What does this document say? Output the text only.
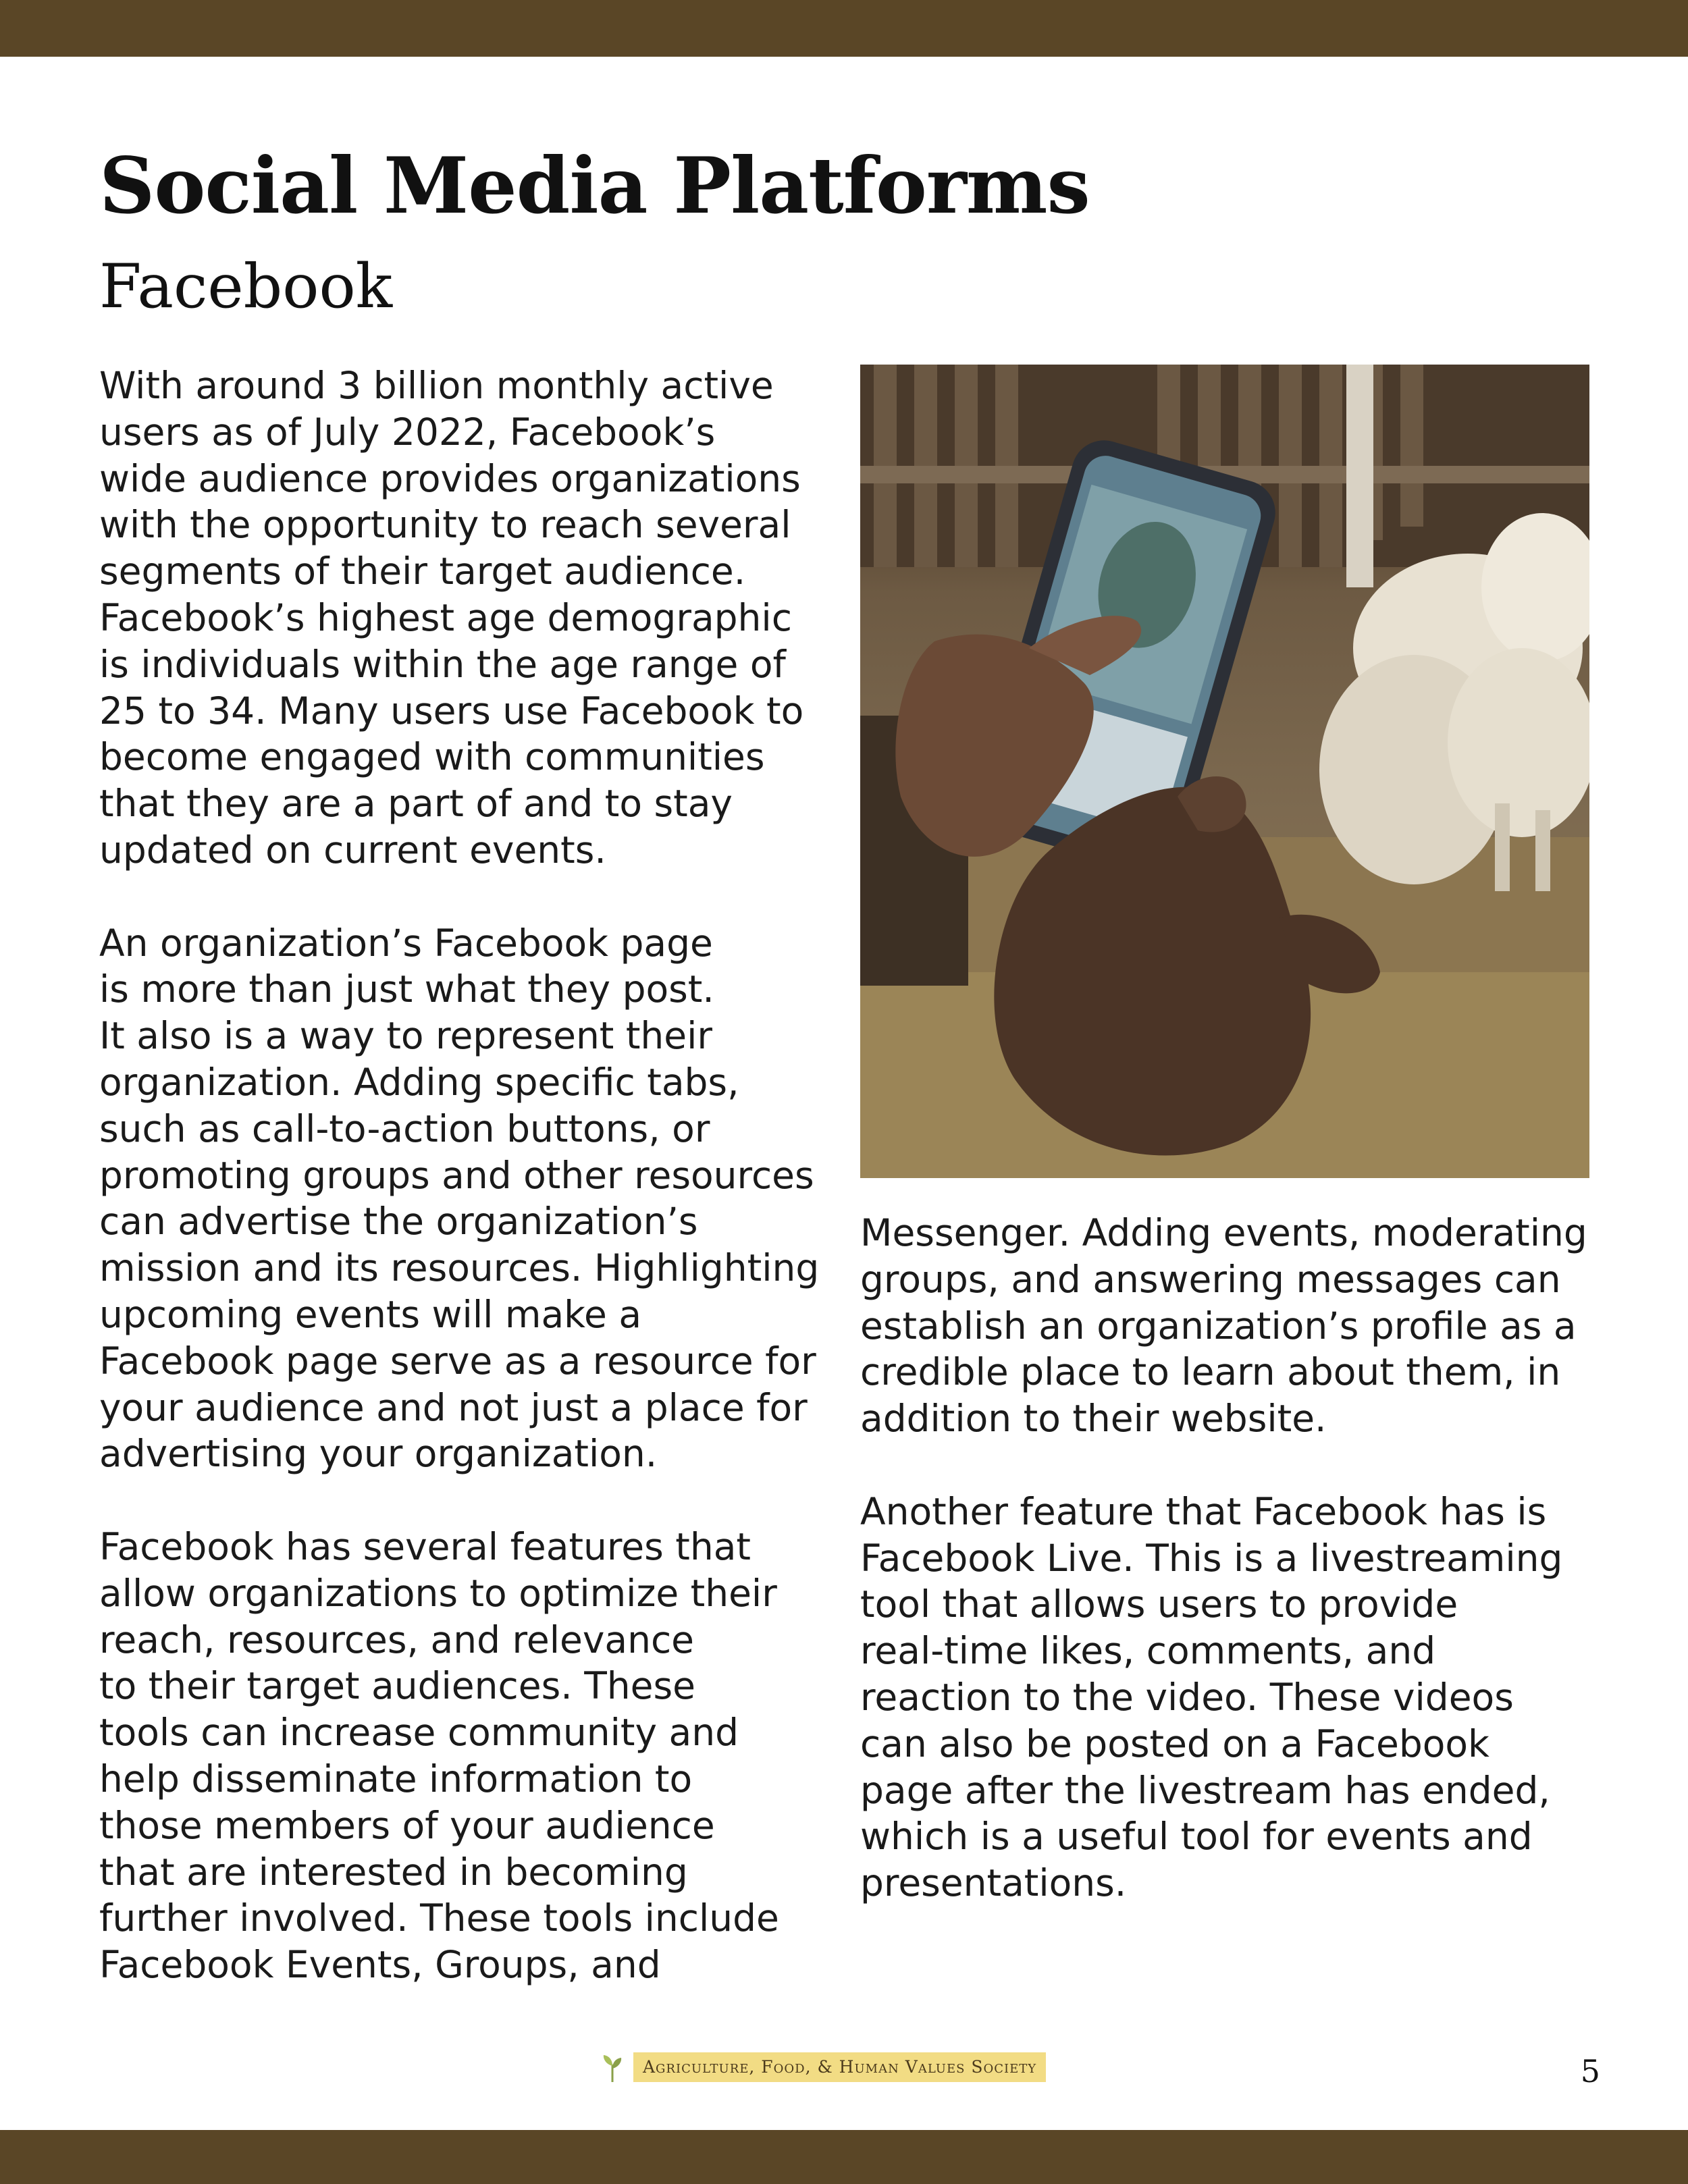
Social Media Platforms
Facebook

With around 3 billion monthly active
users as of July 2022, Facebook’s
wide audience provides organizations
with the opportunity to reach several
segments of their target audience.
Facebook’s highest age demographic
is individuals within the age range of
25 to 34. Many users use Facebook to
become engaged with communities
that they are a part of and to stay
updated on current events.

An organization’s Facebook page
is more than just what they post.
It also is a way to represent their
organization. Adding specific tabs,
such as call-to-action buttons, or
promoting groups and other resources
can advertise the organization’s
mission and its resources. Highlighting
upcoming events will make a
Facebook page serve as a resource for
your audience and not just a place for
advertising your organization.

Facebook has several features that
allow organizations to optimize their
reach, resources, and relevance
to their target audiences. These
tools can increase community and
help disseminate information to
those members of your audience
that are interested in becoming
further involved. These tools include
Facebook Events, Groups, and

Messenger. Adding events, moderating
groups, and answering messages can
establish an organization’s profile as a
credible place to learn about them, in
addition to their website.

Another feature that Facebook has is
Facebook Live. This is a livestreaming
tool that allows users to provide
real-time likes, comments, and
reaction to the video. These videos
can also be posted on a Facebook
page after the livestream has ended,
which is a useful tool for events and
presentations.

Agriculture, Food, & Human Values Society	5
